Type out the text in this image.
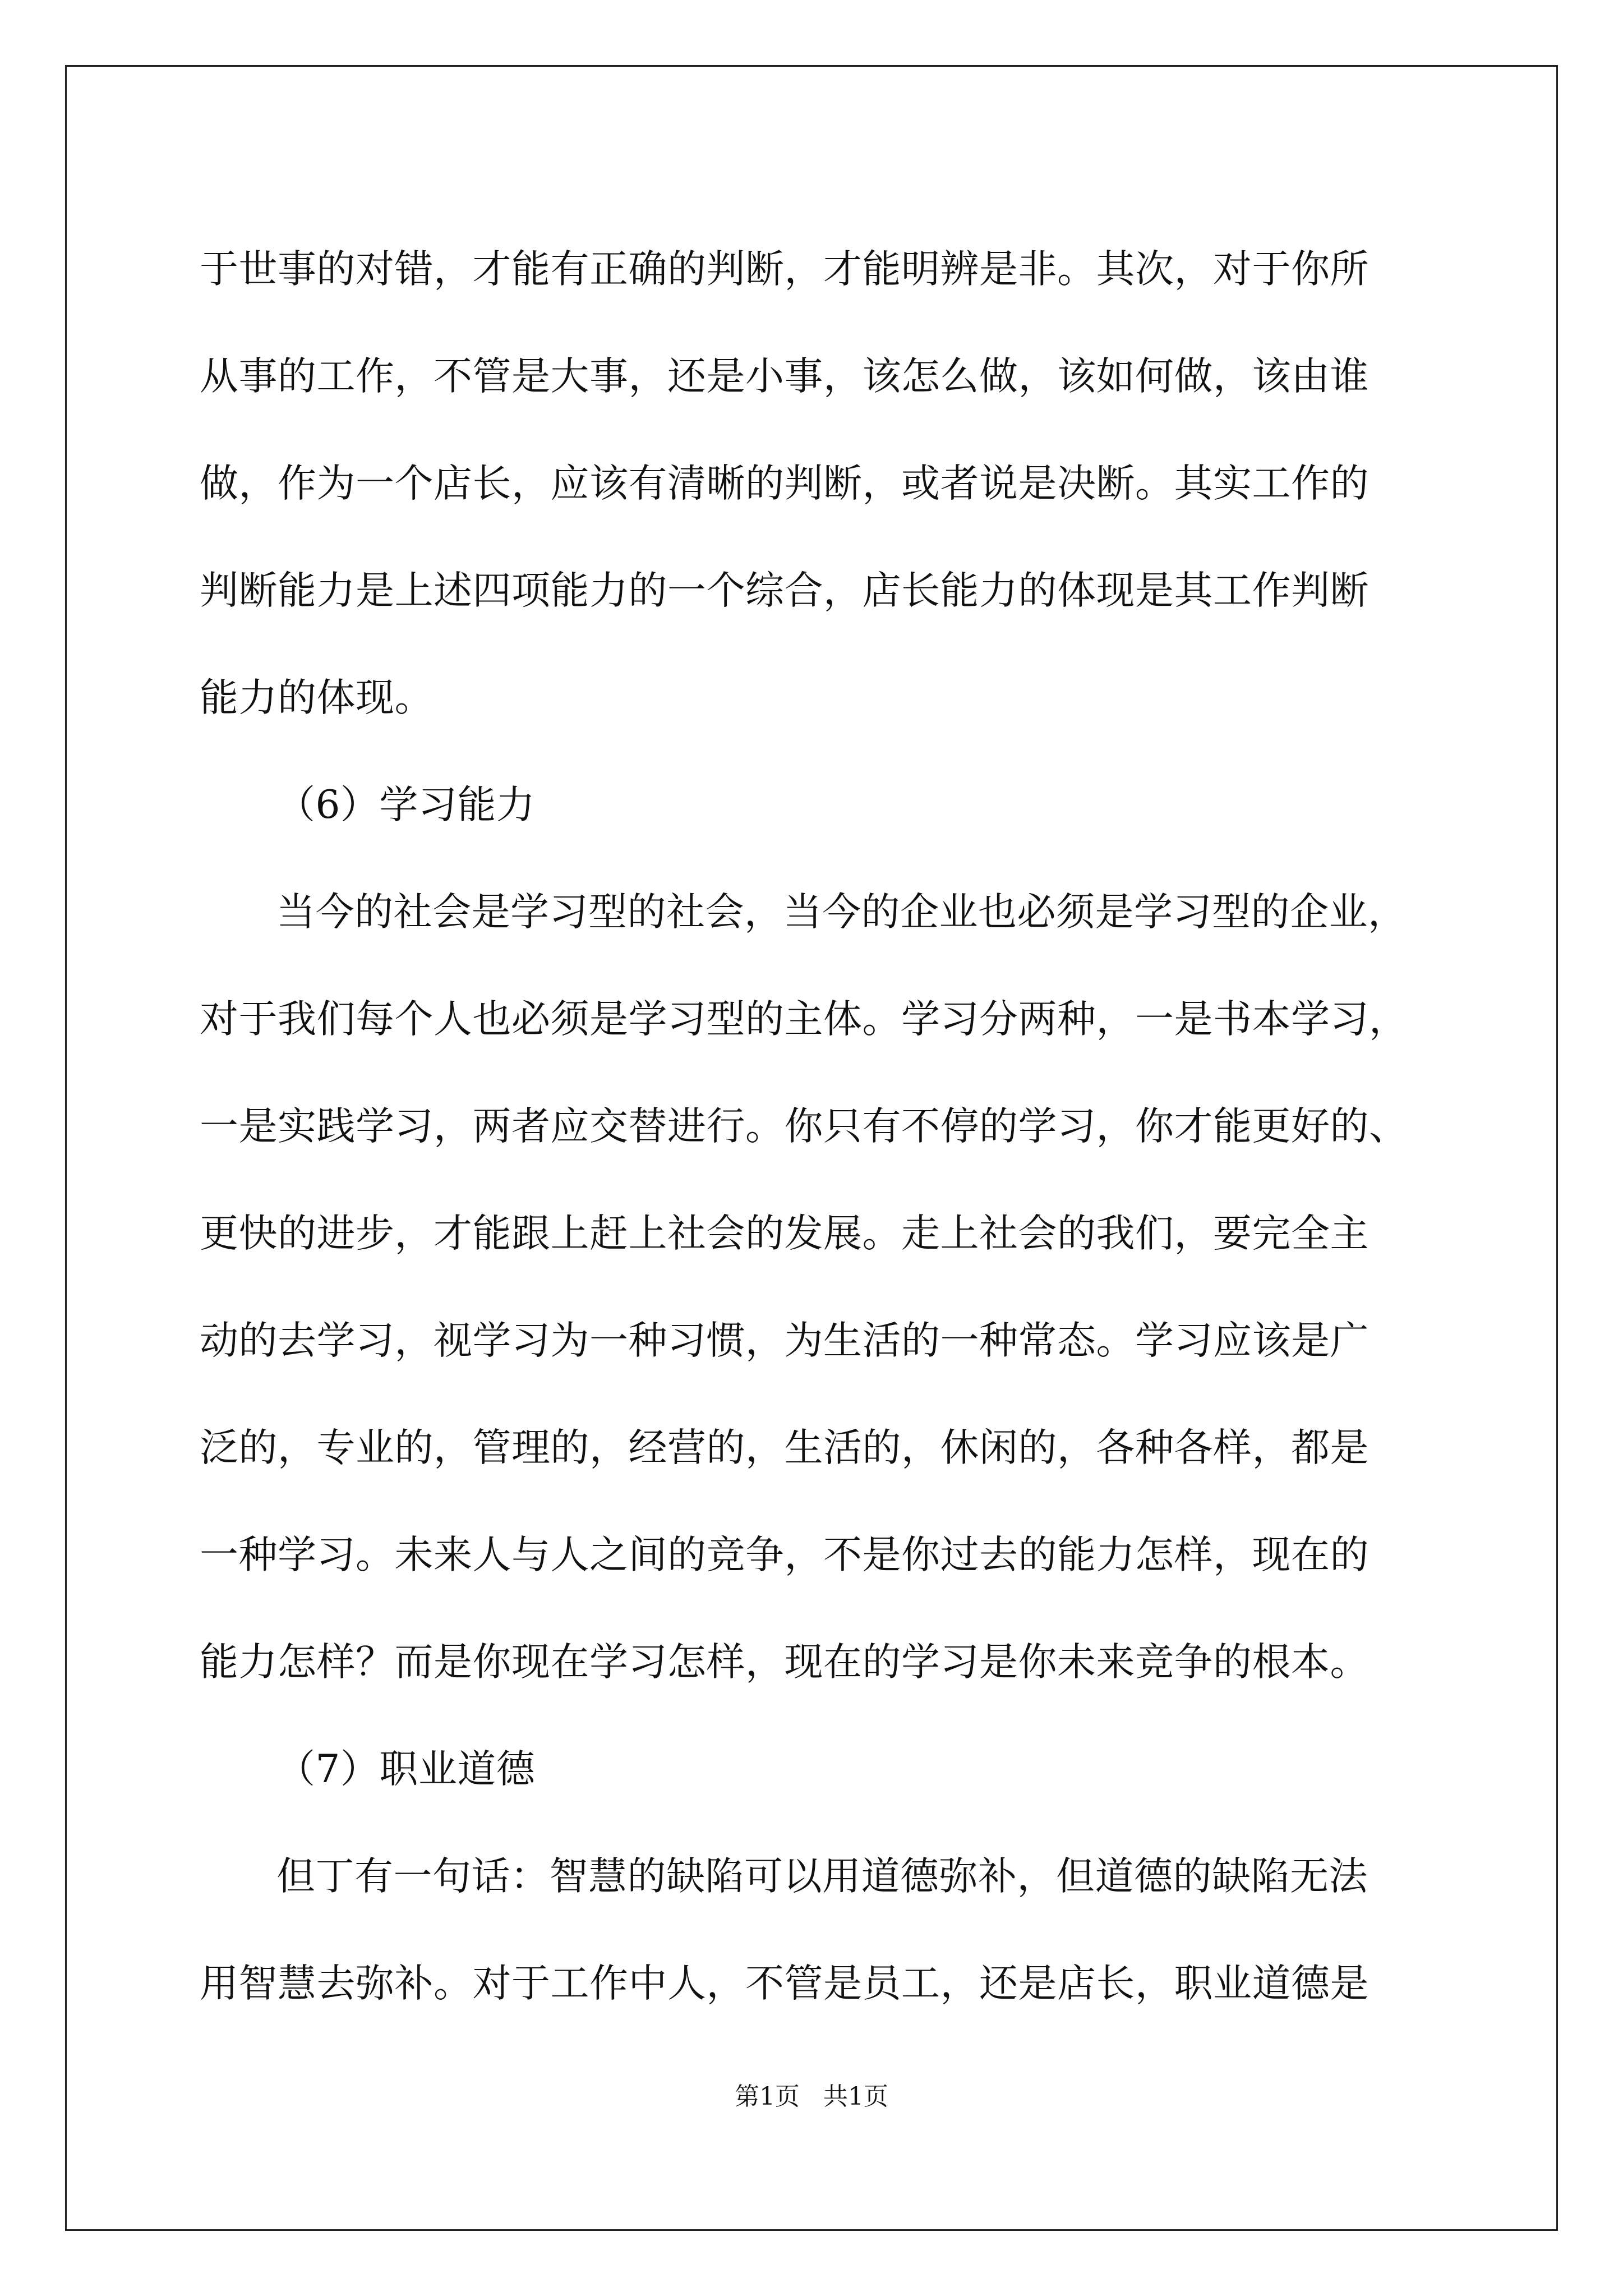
于世事的对错，才能有正确的判断，才能明辨是非。其次，对于你所
从事的工作，不管是大事，还是小事，该怎么做，该如何做，该由谁
做，作为一个店长，应该有清晰的判断，或者说是决断。其实工作的
判断能力是上述四项能力的一个综合，店长能力的体现是其工作判断
能力的体现。
（6）学习能力
当今的社会是学习型的社会，当今的企业也必须是学习型的企业，
对于我们每个人也必须是学习型的主体。学习分两种，一是书本学习，
一是实践学习，两者应交替进行。你只有不停的学习，你才能更好的、
更快的进步，才能跟上赶上社会的发展。走上社会的我们，要完全主
动的去学习，视学习为一种习惯，为生活的一种常态。学习应该是广
泛的，专业的，管理的，经营的，生活的，休闲的，各种各样，都是
一种学习。未来人与人之间的竞争，不是你过去的能力怎样，现在的
能力怎样？而是你现在学习怎样，现在的学习是你未来竞争的根本。
（7）职业道德
但丁有一句话：智慧的缺陷可以用道德弥补，但道德的缺陷无法
用智慧去弥补。对于工作中人，不管是员工，还是店长，职业道德是
第1页   共1页
